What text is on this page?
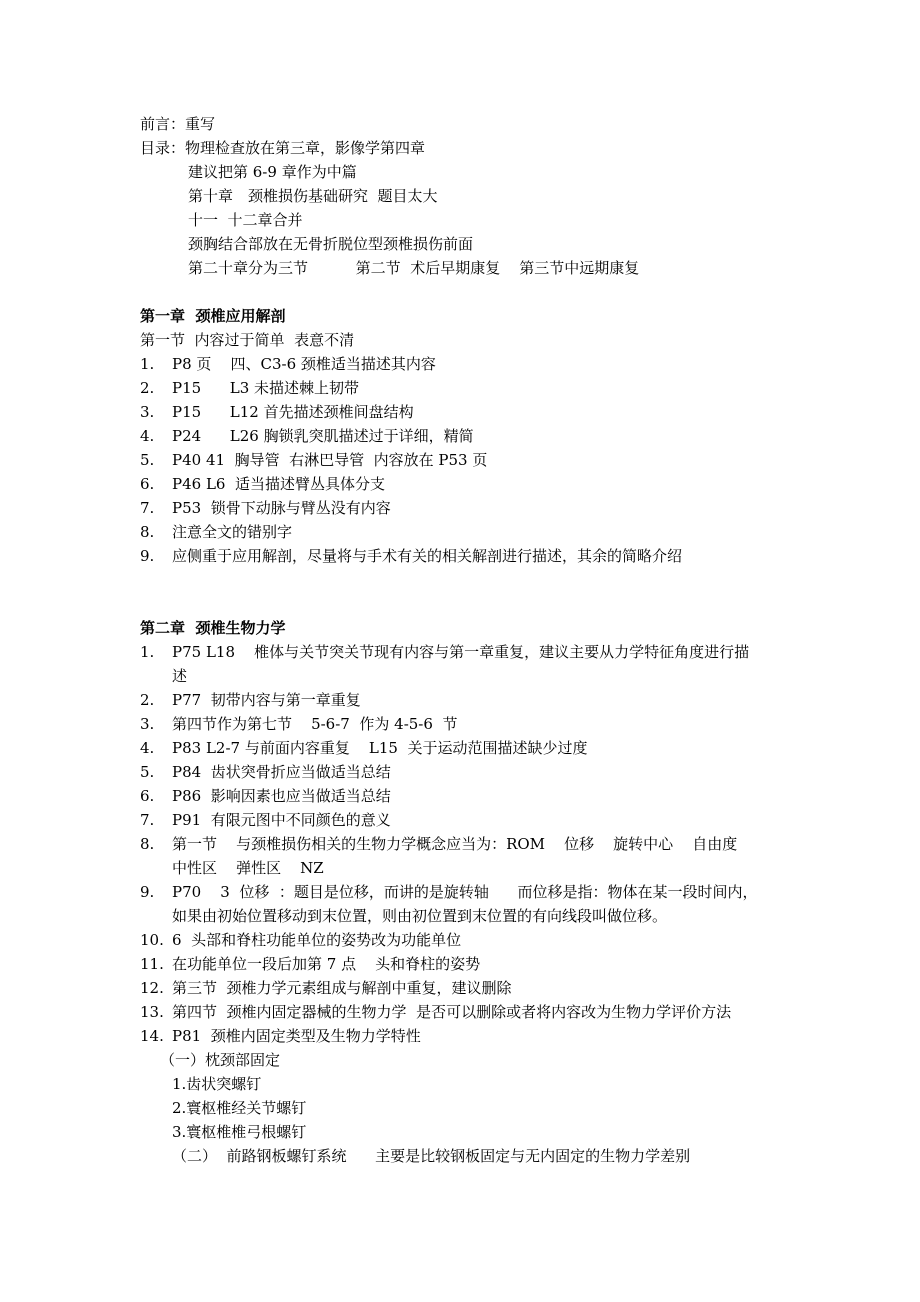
前言：重写
目录：物理检查放在第三章，影像学第四章
建议把第 6-9 章作为中篇
第十章　颈椎损伤基础研究  题目太大
十一  十二章合并
颈胸结合部放在无骨折脱位型颈椎损伤前面
第二十章分为三节          第二节  术后早期康复    第三节中远期康复
第一章  颈椎应用解剖
第一节  内容过于简单  表意不清
1. P8 页    四、C3-6 颈椎适当描述其内容
2. P15      L3 未描述棘上韧带
3. P15      L12 首先描述颈椎间盘结构
4. P24      L26 胸锁乳突肌描述过于详细，精简
5. P40 41  胸导管  右淋巴导管  内容放在 P53 页
6. P46 L6  适当描述臂丛具体分支
7. P53  锁骨下动脉与臂丛没有内容
8. 注意全文的错别字
9. 应侧重于应用解剖，尽量将与手术有关的相关解剖进行描述，其余的简略介绍
第二章  颈椎生物力学
1. P75 L18    椎体与关节突关节现有内容与第一章重复，建议主要从力学特征角度进行描
述
2. P77  韧带内容与第一章重复
3. 第四节作为第七节    5-6-7  作为 4-5-6  节
4. P83 L2-7 与前面内容重复    L15  关于运动范围描述缺少过度
5. P84  齿状突骨折应当做适当总结
6. P86  影响因素也应当做适当总结
7. P91  有限元图中不同颜色的意义
8. 第一节    与颈椎损伤相关的生物力学概念应当为：ROM    位移    旋转中心    自由度
中性区    弹性区    NZ
9. P70    3  位移  ：题目是位移，而讲的是旋转轴      而位移是指：物体在某一段时间内，
如果由初始位置移动到末位置，则由初位置到末位置的有向线段叫做位移。
10. 6  头部和脊柱功能单位的姿势改为功能单位
11. 在功能单位一段后加第 7 点    头和脊柱的姿势
12. 第三节  颈椎力学元素组成与解剖中重复，建议删除
13. 第四节  颈椎内固定器械的生物力学  是否可以删除或者将内容改为生物力学评价方法
14. P81  颈椎内固定类型及生物力学特性
（一）枕颈部固定
1.齿状突螺钉
2.寰枢椎经关节螺钉
3.寰枢椎椎弓根螺钉
（二）  前路钢板螺钉系统      主要是比较钢板固定与无内固定的生物力学差别
